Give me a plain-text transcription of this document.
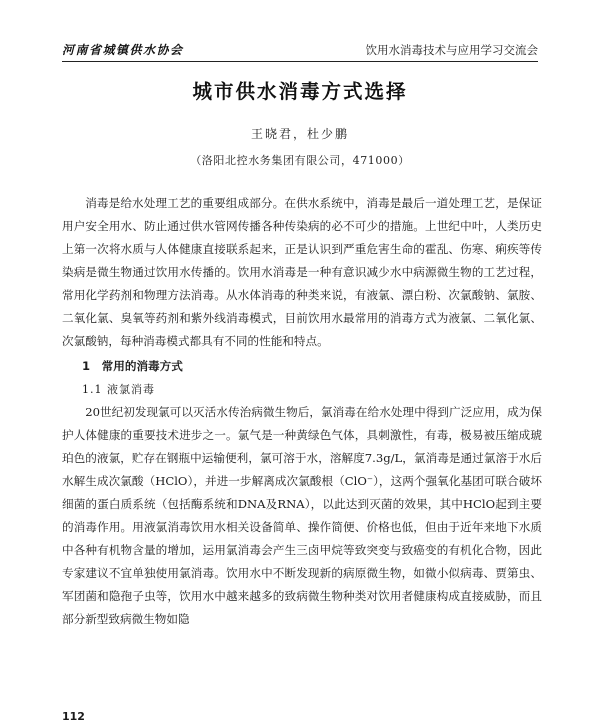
河南省城镇供水协会	饮用水消毒技术与应用学习交流会
城市供水消毒方式选择
王晓君，杜少鹏
（洛阳北控水务集团有限公司，471000）

消毒是给水处理工艺的重要组成部分。在供水系统中，消毒是最后一道处理工艺，是保证用户安全用水、防止通过供水管网传播各种传染病的必不可少的措施。上世纪中叶，人类历史上第一次将水质与人体健康直接联系起来，正是认识到严重危害生命的霍乱、伤寒、痢疾等传染病是微生物通过饮用水传播的。饮用水消毒是一种有意识减少水中病源微生物的工艺过程，常用化学药剂和物理方法消毒。从水体消毒的种类来说，有液氯、漂白粉、次氯酸钠、氯胺、二氧化氯、臭氧等药剂和紫外线消毒模式，目前饮用水最常用的消毒方式为液氯、二氧化氯、次氯酸钠，每种消毒模式都具有不同的性能和特点。

1　常用的消毒方式
1.1 液氯消毒

20世纪初发现氯可以灭活水传治病微生物后，氯消毒在给水处理中得到广泛应用，成为保护人体健康的重要技术进步之一。氯气是一种黄绿色气体，具刺激性，有毒，极易被压缩成琥珀色的液氯，贮存在钢瓶中运输便利，氯可溶于水，溶解度7.3g/L，氯消毒是通过氯溶于水后水解生成次氯酸（HClO），并进一步解离成次氯酸根（ClO⁻），这两个强氧化基团可联合破坏细菌的蛋白质系统（包括酶系统和DNA及RNA），以此达到灭菌的效果，其中HClO起到主要的消毒作用。用液氯消毒饮用水相关设备简单、操作简便、价格也低，但由于近年来地下水质中各种有机物含量的增加，运用氯消毒会产生三卤甲烷等致突变与致癌变的有机化合物，因此专家建议不宜单独使用氯消毒。饮用水中不断发现新的病原微生物，如微小似病毒、贾第虫、军团菌和隐孢子虫等，饮用水中越来越多的致病微生物种类对饮用者健康构成直接威胁，而且部分新型致病微生物如隐

112
